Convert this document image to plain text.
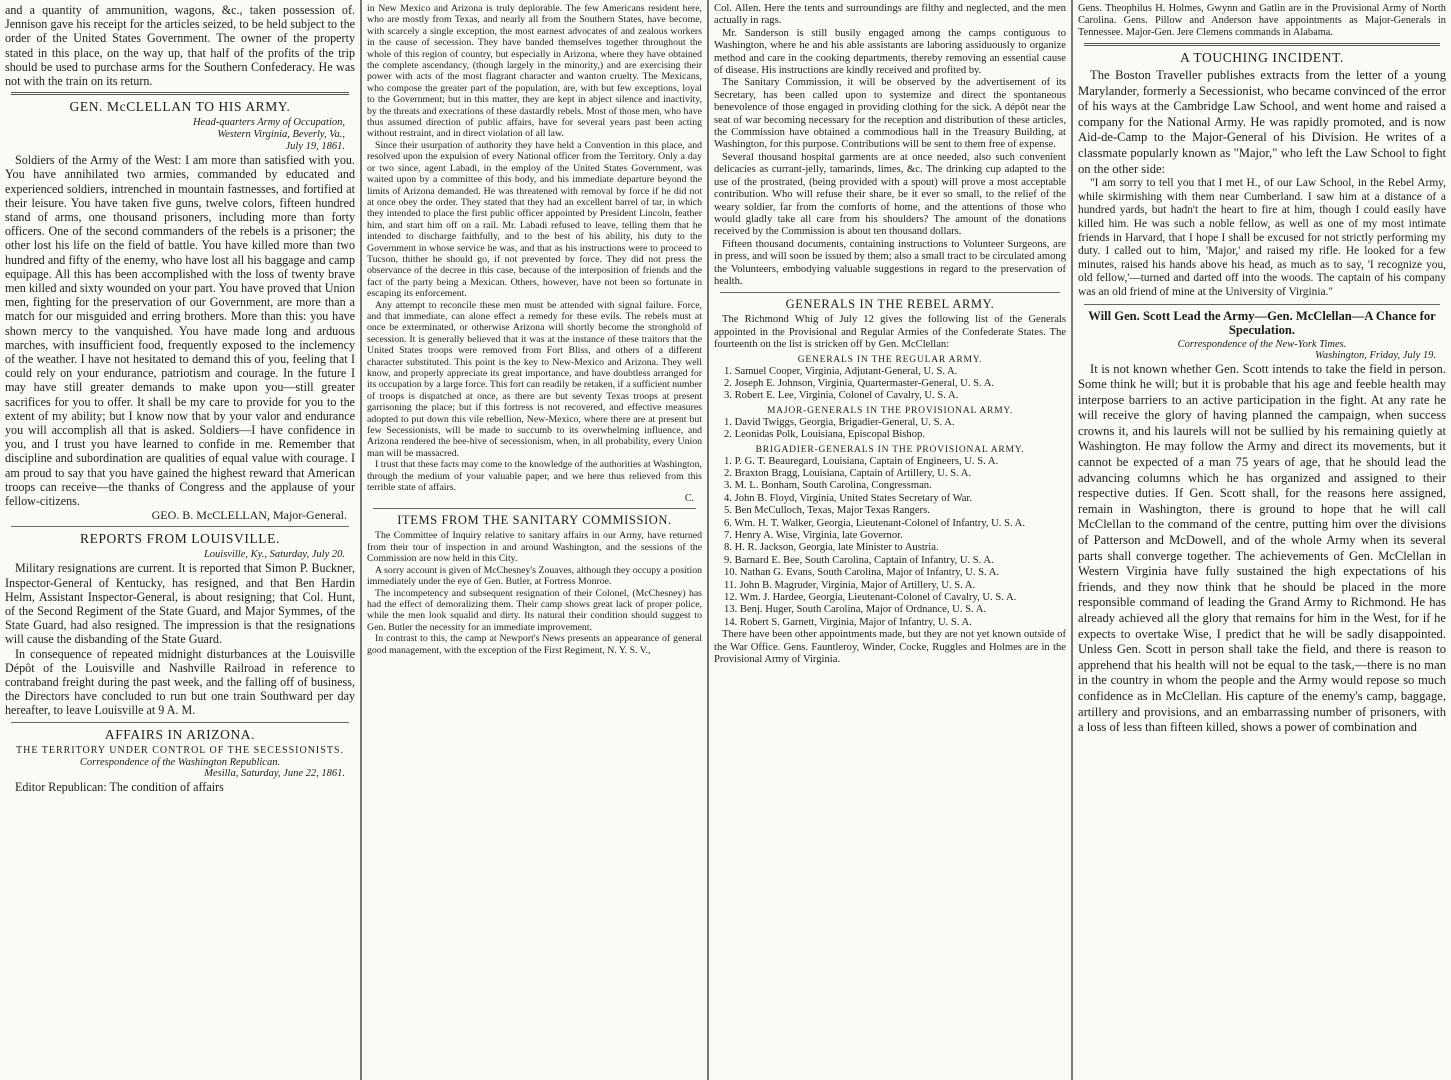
and a quantity of ammunition, wagons, &c., taken possession of. Jennison gave his receipt for the articles seized, to be held subject to the order of the United States Government. The owner of the property stated in this place, on the way up, that half of the profits of the trip should be used to purchase arms for the Southern Confederacy. He was not with the train on its return.

GEN. McCLELLAN TO HIS ARMY.
Head-quarters Army of Occupation,
Western Virginia, Beverly, Va.,
July 19, 1861.

Soldiers of the Army of the West: I am more than satisfied with you. You have annihilated two armies, commanded by educated and experienced soldiers, intrenched in mountain fastnesses, and fortified at their leisure. You have taken five guns, twelve colors, fifteen hundred stand of arms, one thousand prisoners, including more than forty officers. One of the second commanders of the rebels is a prisoner; the other lost his life on the field of battle. You have killed more than two hundred and fifty of the enemy, who have lost all his baggage and camp equipage. All this has been accomplished with the loss of twenty brave men killed and sixty wounded on your part. You have proved that Union men, fighting for the preservation of our Government, are more than a match for our misguided and erring brothers. More than this: you have shown mercy to the vanquished. You have made long and arduous marches, with insufficient food, frequently exposed to the inclemency of the weather. I have not hesitated to demand this of you, feeling that I could rely on your endurance, patriotism and courage. In the future I may have still greater demands to make upon you—still greater sacrifices for you to offer. It shall be my care to provide for you to the extent of my ability; but I know now that by your valor and endurance you will accomplish all that is asked. Soldiers—I have confidence in you, and I trust you have learned to confide in me. Remember that discipline and subordination are qualities of equal value with courage. I am proud to say that you have gained the highest reward that American troops can receive—the thanks of Congress and the applause of your fellow-citizens.

GEO. B. McCLELLAN, Major-General.
REPORTS FROM LOUISVILLE.
Louisville, Ky., Saturday, July 20.

Military resignations are current. It is reported that Simon P. Buckner, Inspector-General of Kentucky, has resigned, and that Ben Hardin Helm, Assistant Inspector-General, is about resigning; that Col. Hunt, of the Second Regiment of the State Guard, and Major Symmes, of the State Guard, had also resigned. The impression is that the resignations will cause the disbanding of the State Guard.

In consequence of repeated midnight disturbances at the Louisville Dépôt of the Louisville and Nashville Railroad in reference to contraband freight during the past week, and the falling off of business, the Directors have concluded to run but one train Southward per day hereafter, to leave Louisville at 9 A. M.

AFFAIRS IN ARIZONA.
THE TERRITORY UNDER CONTROL OF THE SECESSIONISTS.
Correspondence of the Washington Republican.
Mesilla, Saturday, June 22, 1861.

Editor Republican: The condition of affairs

in New Mexico and Arizona is truly deplorable. The few Americans resident here, who are mostly from Texas, and nearly all from the Southern States, have become, with scarcely a single exception, the most earnest advocates of and zealous workers in the cause of secession. They have banded themselves together throughout the whole of this region of country, but especially in Arizona, where they have obtained the complete ascendancy, (though largely in the minority,) and are exercising their power with acts of the most flagrant character and wanton cruelty. The Mexicans, who compose the greater part of the population, are, with but few exceptions, loyal to the Government; but in this matter, they are kept in abject silence and inactivity, by the threats and execrations of these dastardly rebels. Most of those men, who have thus assumed direction of public affairs, have for several years past been acting without restraint, and in direct violation of all law.

Since their usurpation of authority they have held a Convention in this place, and resolved upon the expulsion of every National officer from the Territory. Only a day or two since, agent Labadi, in the employ of the United States Government, was waited upon by a committee of this body, and his immediate departure beyond the limits of Arizona demanded. He was threatened with removal by force if he did not at once obey the order. They stated that they had an excellent barrel of tar, in which they intended to place the first public officer appointed by President Lincoln, feather him, and start him off on a rail. Mr. Labadi refused to leave, telling them that he intended to discharge faithfully, and to the best of his ability, his duty to the Government in whose service he was, and that as his instructions were to proceed to Tucson, thither he should go, if not prevented by force. They did not press the observance of the decree in this case, because of the interposition of friends and the fact of the party being a Mexican. Others, however, have not been so fortunate in escaping its enforcement.

Any attempt to reconcile these men must be attended with signal failure. Force, and that immediate, can alone effect a remedy for these evils. The rebels must at once be exterminated, or otherwise Arizona will shortly become the stronghold of secession. It is generally believed that it was at the instance of these traitors that the United States troops were removed from Fort Bliss, and others of a different character substituted. This point is the key to New-Mexico and Arizona. They well know, and properly appreciate its great importance, and have doubtless arranged for its occupation by a large force. This fort can readily be retaken, if a sufficient number of troops is dispatched at once, as there are but seventy Texas troops at present garrisoning the place; but if this fortress is not recovered, and effective measures adopted to put down this vile rebellion, New-Mexico, where there are at present but few Secessionists, will be made to succumb to its overwhelming influence, and Arizona rendered the bee-hive of secessionism, when, in all probability, every Union man will be massacred.

I trust that these facts may come to the knowledge of the authorities at Washington, through the medium of your valuable paper, and we here thus relieved from this terrible state of affairs.

C.
ITEMS FROM THE SANITARY COMMISSION.

The Committee of Inquiry relative to sanitary affairs in our Army, have returned from their tour of inspection in and around Washington, and the sessions of the Commission are now held in this City.

A sorry account is given of McChesney's Zouaves, although they occupy a position immediately under the eye of Gen. Butler, at Fortress Monroe.

The incompetency and subsequent resignation of their Colonel, (McChesney) has had the effect of demoralizing them. Their camp shows great lack of proper police, while the men look squalid and dirty. Its natural their condition should suggest to Gen. Butler the necessity for an immediate improvement.

In contrast to this, the camp at Newport's News presents an appearance of general good management, with the exception of the First Regiment, N. Y. S. V.,

Col. Allen. Here the tents and surroundings are filthy and neglected, and the men actually in rags.

Mr. Sanderson is still busily engaged among the camps contiguous to Washington, where he and his able assistants are laboring assiduously to organize method and care in the cooking departments, thereby removing an essential cause of disease. His instructions are kindly received and profited by.

The Sanitary Commission, it will be observed by the advertisement of its Secretary, has been called upon to systemize and direct the spontaneous benevolence of those engaged in providing clothing for the sick. A dépôt near the seat of war becoming necessary for the reception and distribution of these articles, the Commission have obtained a commodious hall in the Treasury Building, at Washington, for this purpose. Contributions will be sent to them free of expense.

Several thousand hospital garments are at once needed, also such convenient delicacies as currant-jelly, tamarinds, limes, &c. The drinking cup adapted to the use of the prostrated, (being provided with a spout) will prove a most acceptable contribution. Who will refuse their share, be it ever so small, to the relief of the weary soldier, far from the comforts of home, and the attentions of those who would gladly take all care from his shoulders? The amount of the donations received by the Commission is about ten thousand dollars.

Fifteen thousand documents, containing instructions to Volunteer Surgeons, are in press, and will soon be issued by them; also a small tract to be circulated among the Volunteers, embodying valuable suggestions in regard to the preservation of health.

GENERALS IN THE REBEL ARMY.

The Richmond Whig of July 12 gives the following list of the Generals appointed in the Provisional and Regular Armies of the Confederate States. The fourteenth on the list is stricken off by Gen. McClellan:

GENERALS IN THE REGULAR ARMY.

1. Samuel Cooper, Virginia, Adjutant-General, U. S. A.

2. Joseph E. Johnson, Virginia, Quartermaster-General, U. S. A.

3. Robert E. Lee, Virginia, Colonel of Cavalry, U. S. A.

MAJOR-GENERALS IN THE PROVISIONAL ARMY.

1. David Twiggs, Georgia, Brigadier-General, U. S. A.

2. Leonidas Polk, Louisiana, Episcopal Bishop.

BRIGADIER-GENERALS IN THE PROVISIONAL ARMY.

1. P. G. T. Beauregard, Louisiana, Captain of Engineers, U. S. A.

2. Braxton Bragg, Louisiana, Captain of Artillery, U. S. A.

3. M. L. Bonham, South Carolina, Congressman.

4. John B. Floyd, Virginia, United States Secretary of War.

5. Ben McCulloch, Texas, Major Texas Rangers.

6. Wm. H. T. Walker, Georgia, Lieutenant-Colonel of Infantry, U. S. A.

7. Henry A. Wise, Virginia, late Governor.

8. H. R. Jackson, Georgia, late Minister to Austria.

9. Barnard E. Bee, South Carolina, Captain of Infantry, U. S. A.

10. Nathan G. Evans, South Carolina, Major of Infantry, U. S. A.

11. John B. Magruder, Virginia, Major of Artillery, U. S. A.

12. Wm. J. Hardee, Georgia, Lieutenant-Colonel of Cavalry, U. S. A.

13. Benj. Huger, South Carolina, Major of Ordnance, U. S. A.

14. Robert S. Garnett, Virginia, Major of Infantry, U. S. A.

There have been other appointments made, but they are not yet known outside of the War Office. Gens. Fauntleroy, Winder, Cocke, Ruggles and Holmes are in the Provisional Army of Virginia.

Gens. Theophilus H. Holmes, Gwynn and Gatlin are in the Provisional Army of North Carolina. Gens. Pillow and Anderson have appointments as Major-Generals in Tennessee. Major-Gen. Jere Clemens commands in Alabama.

A TOUCHING INCIDENT.

The Boston Traveller publishes extracts from the letter of a young Marylander, formerly a Secessionist, who became convinced of the error of his ways at the Cambridge Law School, and went home and raised a company for the National Army. He was rapidly promoted, and is now Aid-de-Camp to the Major-General of his Division. He writes of a classmate popularly known as "Major," who left the Law School to fight on the other side:

"I am sorry to tell you that I met H., of our Law School, in the Rebel Army, while skirmishing with them near Cumberland. I saw him at a distance of a hundred yards, but hadn't the heart to fire at him, though I could easily have killed him. He was such a noble fellow, as well as one of my most intimate friends in Harvard, that I hope I shall be excused for not strictly performing my duty. I called out to him, 'Major,' and raised my rifle. He looked for a few minutes, raised his hands above his head, as much as to say, 'I recognize you, old fellow,'—turned and darted off into the woods. The captain of his company was an old friend of mine at the University of Virginia."

Will Gen. Scott Lead the Army—Gen. McClellan—A Chance for Speculation.
Correspondence of the New-York Times.
Washington, Friday, July 19.

It is not known whether Gen. Scott intends to take the field in person. Some think he will; but it is probable that his age and feeble health may interpose barriers to an active participation in the fight. At any rate he will receive the glory of having planned the campaign, when success crowns it, and his laurels will not be sullied by his remaining quietly at Washington. He may follow the Army and direct its movements, but it cannot be expected of a man 75 years of age, that he should lead the advancing columns which he has organized and assigned to their respective duties. If Gen. Scott shall, for the reasons here assigned, remain in Washington, there is ground to hope that he will call McClellan to the command of the centre, putting him over the divisions of Patterson and McDowell, and of the whole Army when its several parts shall converge together. The achievements of Gen. McClellan in Western Virginia have fully sustained the high expectations of his friends, and they now think that he should be placed in the more responsible command of leading the Grand Army to Richmond. He has already achieved all the glory that remains for him in the West, for if he expects to overtake Wise, I predict that he will be sadly disappointed. Unless Gen. Scott in person shall take the field, and there is reason to apprehend that his health will not be equal to the task,—there is no man in the country in whom the people and the Army would repose so much confidence as in McClellan. His capture of the enemy's camp, baggage, artillery and provisions, and an embarrassing number of prisoners, with a loss of less than fifteen killed, shows a power of combination and
